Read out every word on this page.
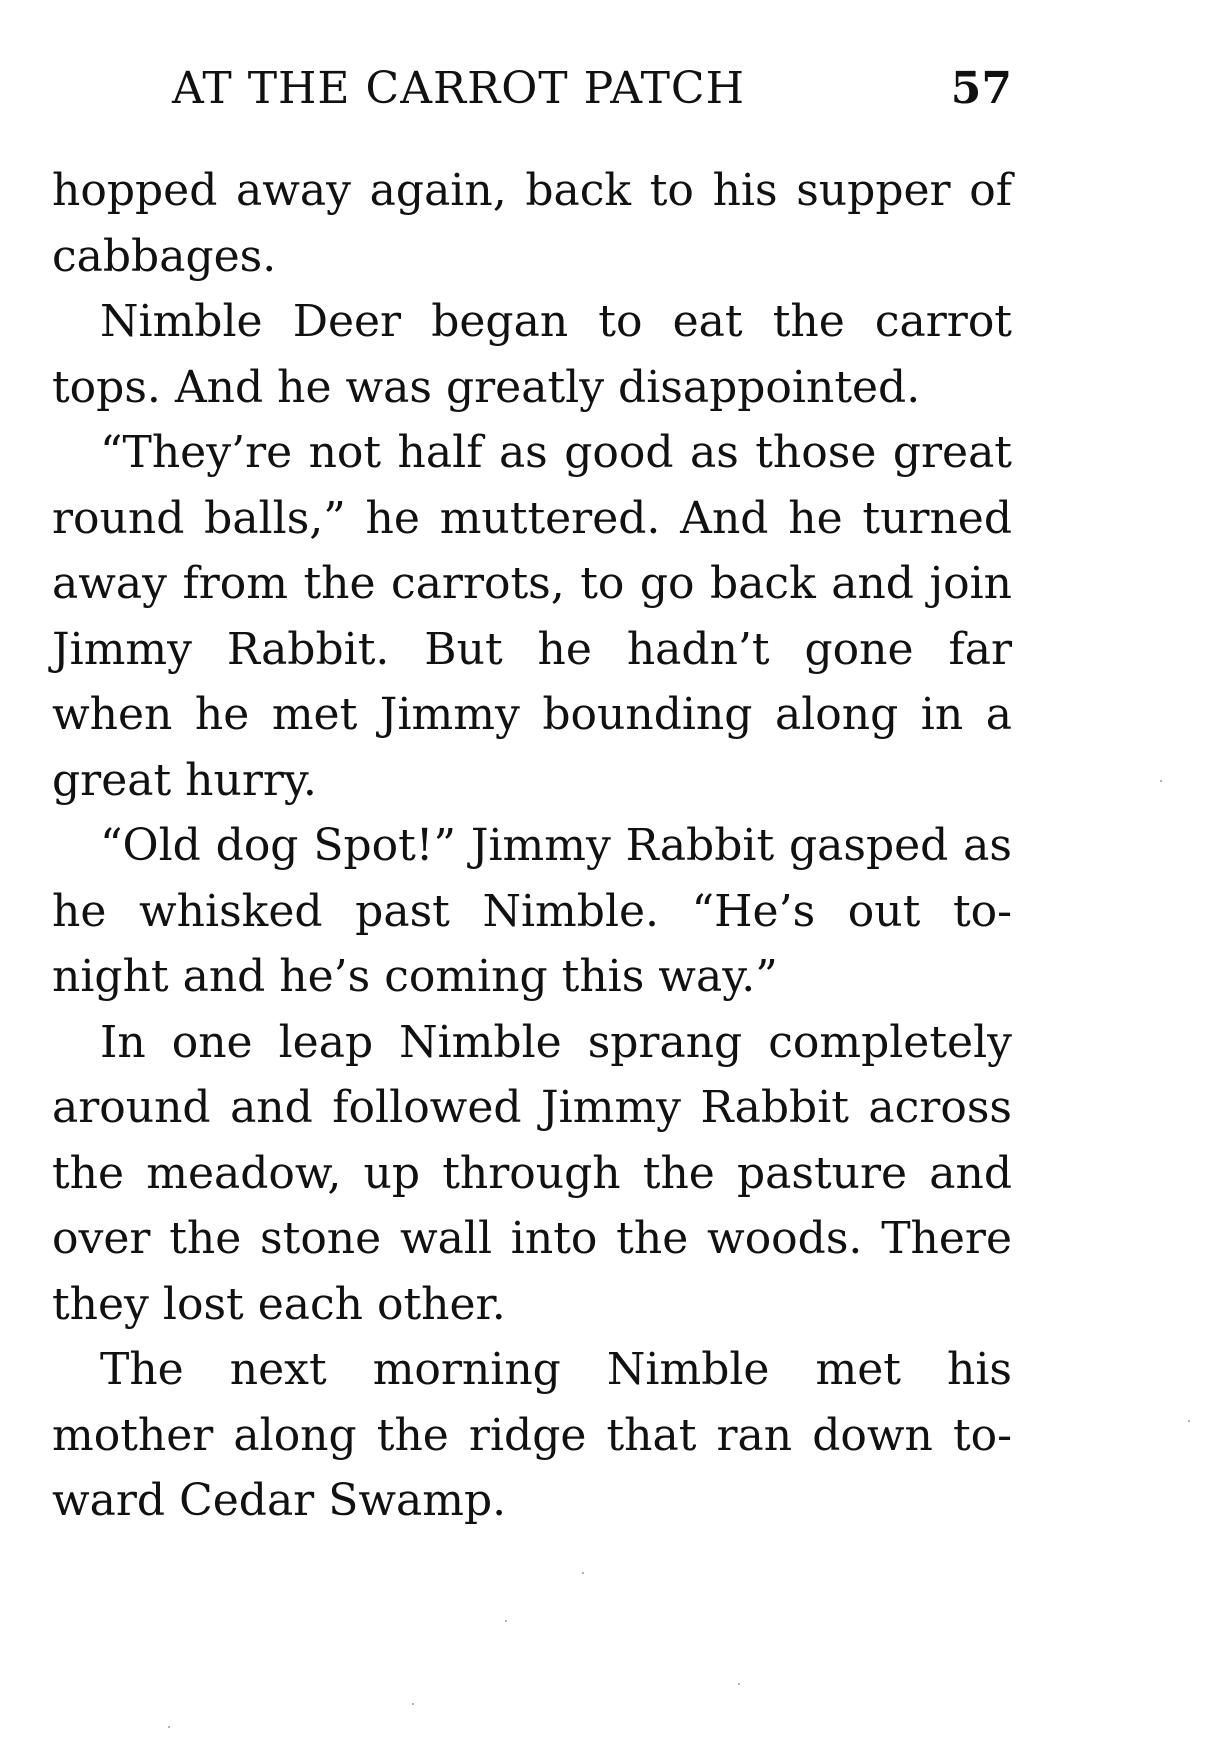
AT THE CARROT PATCH	57

hopped away again, back to his supper of cabbages.

Nimble Deer began to eat the carrot tops. And he was greatly disappointed.

“They’re not half as good as those great round balls,” he muttered. And he turned away from the carrots, to go back and join Jimmy Rabbit. But he hadn’t gone far when he met Jimmy bounding along in a great hurry.

“Old dog Spot!” Jimmy Rabbit gasped as he whisked past Nimble. “He’s out to-night and he’s coming this way.”

In one leap Nimble sprang completely around and followed Jimmy Rabbit across the meadow, up through the pasture and over the stone wall into the woods. There they lost each other.

The next morning Nimble met his mother along the ridge that ran down toward Cedar Swamp.
